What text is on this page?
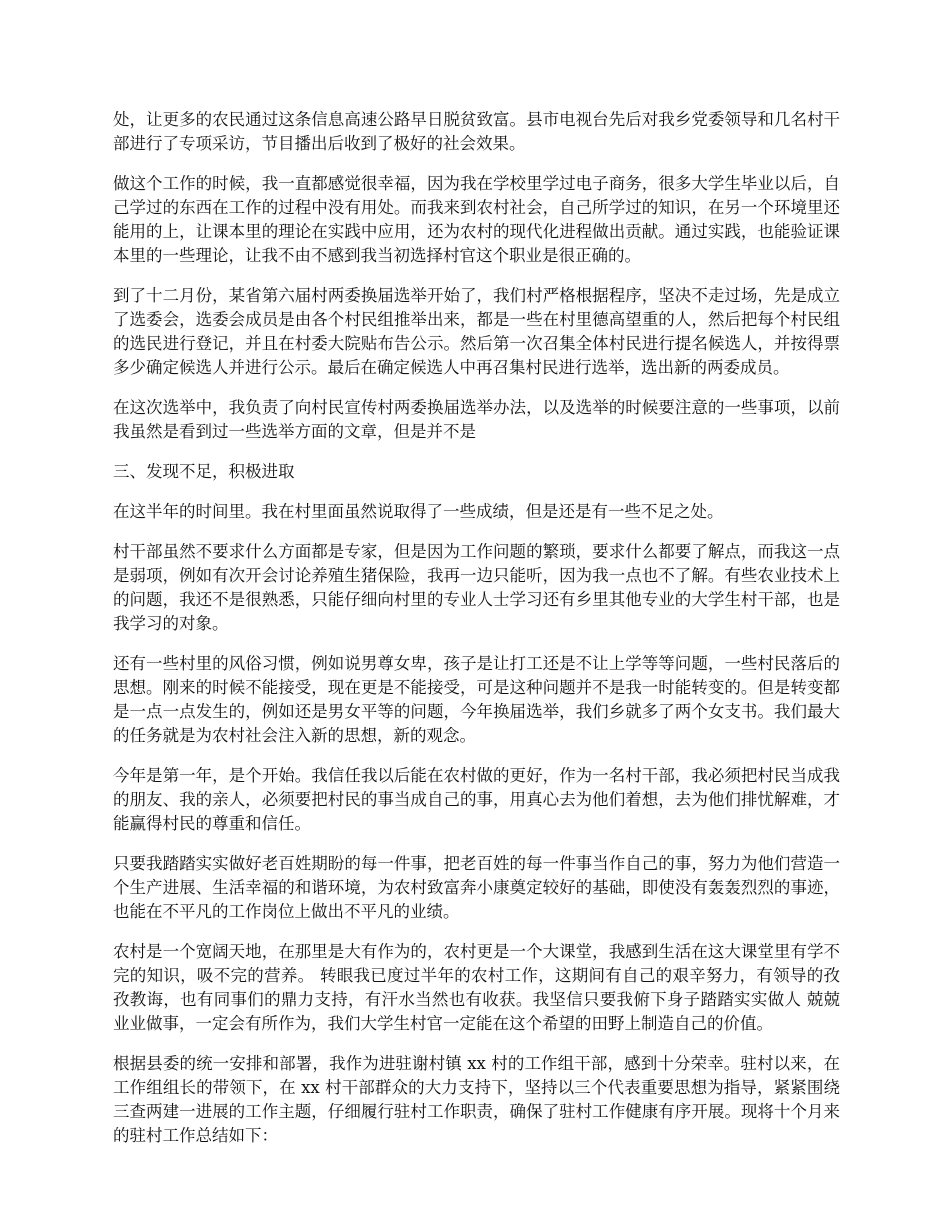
处，让更多的农民通过这条信息高速公路早日脱贫致富。县市电视台先后对我乡党委领导和几名村干部进行了专项采访，节目播出后收到了极好的社会效果。

做这个工作的时候，我一直都感觉很幸福，因为我在学校里学过电子商务，很多大学生毕业以后，自己学过的东西在工作的过程中没有用处。而我来到农村社会，自己所学过的知识，在另一个环境里还能用的上，让课本里的理论在实践中应用，还为农村的现代化进程做出贡献。通过实践，也能验证课本里的一些理论，让我不由不感到我当初选择村官这个职业是很正确的。

到了十二月份，某省第六届村两委换届选举开始了，我们村严格根据程序，坚决不走过场，先是成立了选委会，选委会成员是由各个村民组推举出来，都是一些在村里德高望重的人，然后把每个村民组的选民进行登记，并且在村委大院贴布告公示。然后第一次召集全体村民进行提名候选人，并按得票多少确定候选人并进行公示。最后在确定候选人中再召集村民进行选举，选出新的两委成员。

在这次选举中，我负责了向村民宣传村两委换届选举办法，以及选举的时候要注意的一些事项，以前我虽然是看到过一些选举方面的文章，但是并不是

三、发现不足，积极进取

在这半年的时间里。我在村里面虽然说取得了一些成绩，但是还是有一些不足之处。

村干部虽然不要求什么方面都是专家，但是因为工作问题的繁琐，要求什么都要了解点，而我这一点是弱项，例如有次开会讨论养殖生猪保险，我再一边只能听，因为我一点也不了解。有些农业技术上的问题，我还不是很熟悉，只能仔细向村里的专业人士学习还有乡里其他专业的大学生村干部，也是我学习的对象。

还有一些村里的风俗习惯，例如说男尊女卑，孩子是让打工还是不让上学等等问题，一些村民落后的思想。刚来的时候不能接受，现在更是不能接受，可是这种问题并不是我一时能转变的。但是转变都是一点一点发生的，例如还是男女平等的问题，今年换届选举，我们乡就多了两个女支书。我们最大的任务就是为农村社会注入新的思想，新的观念。

今年是第一年，是个开始。我信任我以后能在农村做的更好，作为一名村干部，我必须把村民当成我的朋友、我的亲人，必须要把村民的事当成自己的事，用真心去为他们着想，去为他们排忧解难，才能赢得村民的尊重和信任。

只要我踏踏实实做好老百姓期盼的每一件事，把老百姓的每一件事当作自己的事，努力为他们营造一个生产进展、生活幸福的和谐环境，为农村致富奔小康奠定较好的基础，即使没有轰轰烈烈的事迹，也能在不平凡的工作岗位上做出不平凡的业绩。

农村是一个宽阔天地，在那里是大有作为的，农村更是一个大课堂，我感到生活在这大课堂里有学不完的知识，吸不完的营养。 转眼我已度过半年的农村工作，这期间有自己的艰辛努力，有领导的孜孜教诲，也有同事们的鼎力支持，有汗水当然也有收获。我坚信只要我俯下身子踏踏实实做人 兢兢业业做事，一定会有所作为，我们大学生村官一定能在这个希望的田野上制造自己的价值。

根据县委的统一安排和部署，我作为进驻谢村镇 xx 村的工作组干部，感到十分荣幸。驻村以来，在工作组组长的带领下，在 xx 村干部群众的大力支持下，坚持以三个代表重要思想为指导，紧紧围绕三查两建一进展的工作主题，仔细履行驻村工作职责，确保了驻村工作健康有序开展。现将十个月来的驻村工作总结如下：
